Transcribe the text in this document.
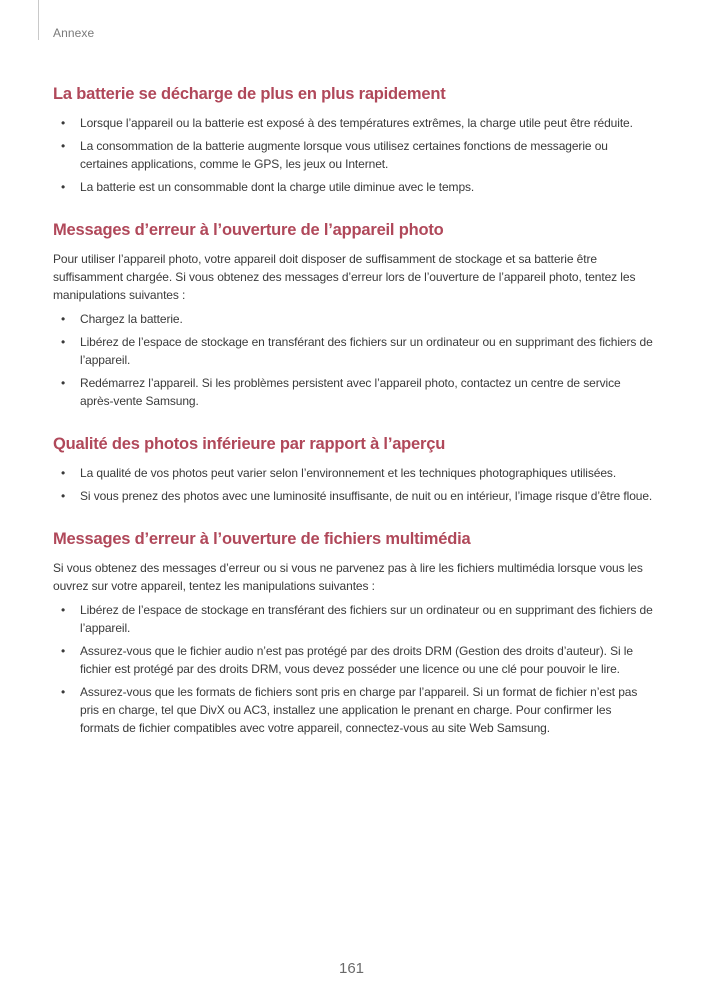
Annexe
La batterie se décharge de plus en plus rapidement
• Lorsque l’appareil ou la batterie est exposé à des températures extrêmes, la charge utile peut être réduite.
• La consommation de la batterie augmente lorsque vous utilisez certaines fonctions de messagerie ou certaines applications, comme le GPS, les jeux ou Internet.
• La batterie est un consommable dont la charge utile diminue avec le temps.
Messages d’erreur à l’ouverture de l’appareil photo

Pour utiliser l’appareil photo, votre appareil doit disposer de suffisamment de stockage et sa batterie être suffisamment chargée. Si vous obtenez des messages d’erreur lors de l’ouverture de l’appareil photo, tentez les manipulations suivantes :

• Chargez la batterie.
• Libérez de l’espace de stockage en transférant des fichiers sur un ordinateur ou en supprimant des fichiers de l’appareil.
• Redémarrez l’appareil. Si les problèmes persistent avec l’appareil photo, contactez un centre de service après-vente Samsung.
Qualité des photos inférieure par rapport à l’aperçu
• La qualité de vos photos peut varier selon l’environnement et les techniques photographiques utilisées.
• Si vous prenez des photos avec une luminosité insuffisante, de nuit ou en intérieur, l’image risque d’être floue.
Messages d’erreur à l’ouverture de fichiers multimédia

Si vous obtenez des messages d’erreur ou si vous ne parvenez pas à lire les fichiers multimédia lorsque vous les ouvrez sur votre appareil, tentez les manipulations suivantes :

• Libérez de l’espace de stockage en transférant des fichiers sur un ordinateur ou en supprimant des fichiers de l’appareil.
• Assurez-vous que le fichier audio n’est pas protégé par des droits DRM (Gestion des droits d’auteur). Si le fichier est protégé par des droits DRM, vous devez posséder une licence ou une clé pour pouvoir le lire.
• Assurez-vous que les formats de fichiers sont pris en charge par l’appareil. Si un format de fichier n’est pas pris en charge, tel que DivX ou AC3, installez une application le prenant en charge. Pour confirmer les formats de fichier compatibles avec votre appareil, connectez-vous au site Web Samsung.
161
